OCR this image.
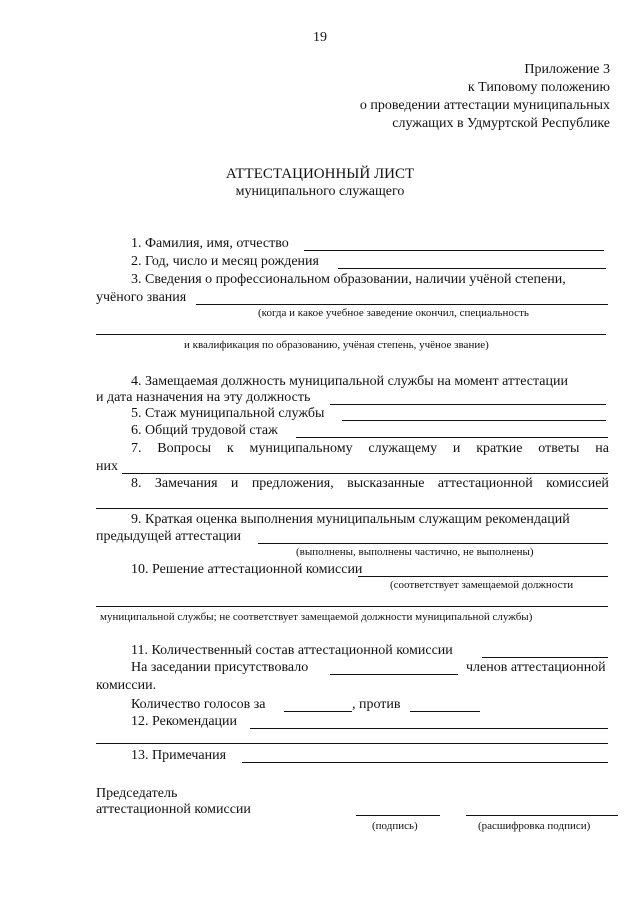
19
Приложение 3
к Типовому положению
о проведении аттестации муниципальных
служащих в Удмуртской Республике
АТТЕСТАЦИОННЫЙ ЛИСТ
муниципального служащего
1. Фамилия, имя, отчество
2. Год, число и месяц рождения
3. Сведения о профессиональном образовании, наличии учёной степени,
учёного звания
(когда и какое учебное заведение окончил, специальность
и квалификация по образованию, учёная степень, учёное звание)
4. Замещаемая должность муниципальной службы на момент аттестации
и дата назначения на эту должность
5. Стаж муниципальной службы
6. Общий трудовой стаж
7. Вопросы к муниципальному служащему и краткие ответы на
них
8. Замечания и предложения, высказанные аттестационной комиссией
9. Краткая оценка выполнения муниципальным служащим рекомендаций
предыдущей аттестации
(выполнены, выполнены частично, не выполнены)
10. Решение аттестационной комиссии
(соответствует замещаемой должности
муниципальной службы; не соответствует замещаемой должности муниципальной службы)
11. Количественный состав аттестационной комиссии
На заседании присутствовало	членов аттестационной
комиссии.
Количество голосов за	, против
12. Рекомендации
13. Примечания
Председатель
аттестационной комиссии
(подпись)	(расшифровка подписи)
